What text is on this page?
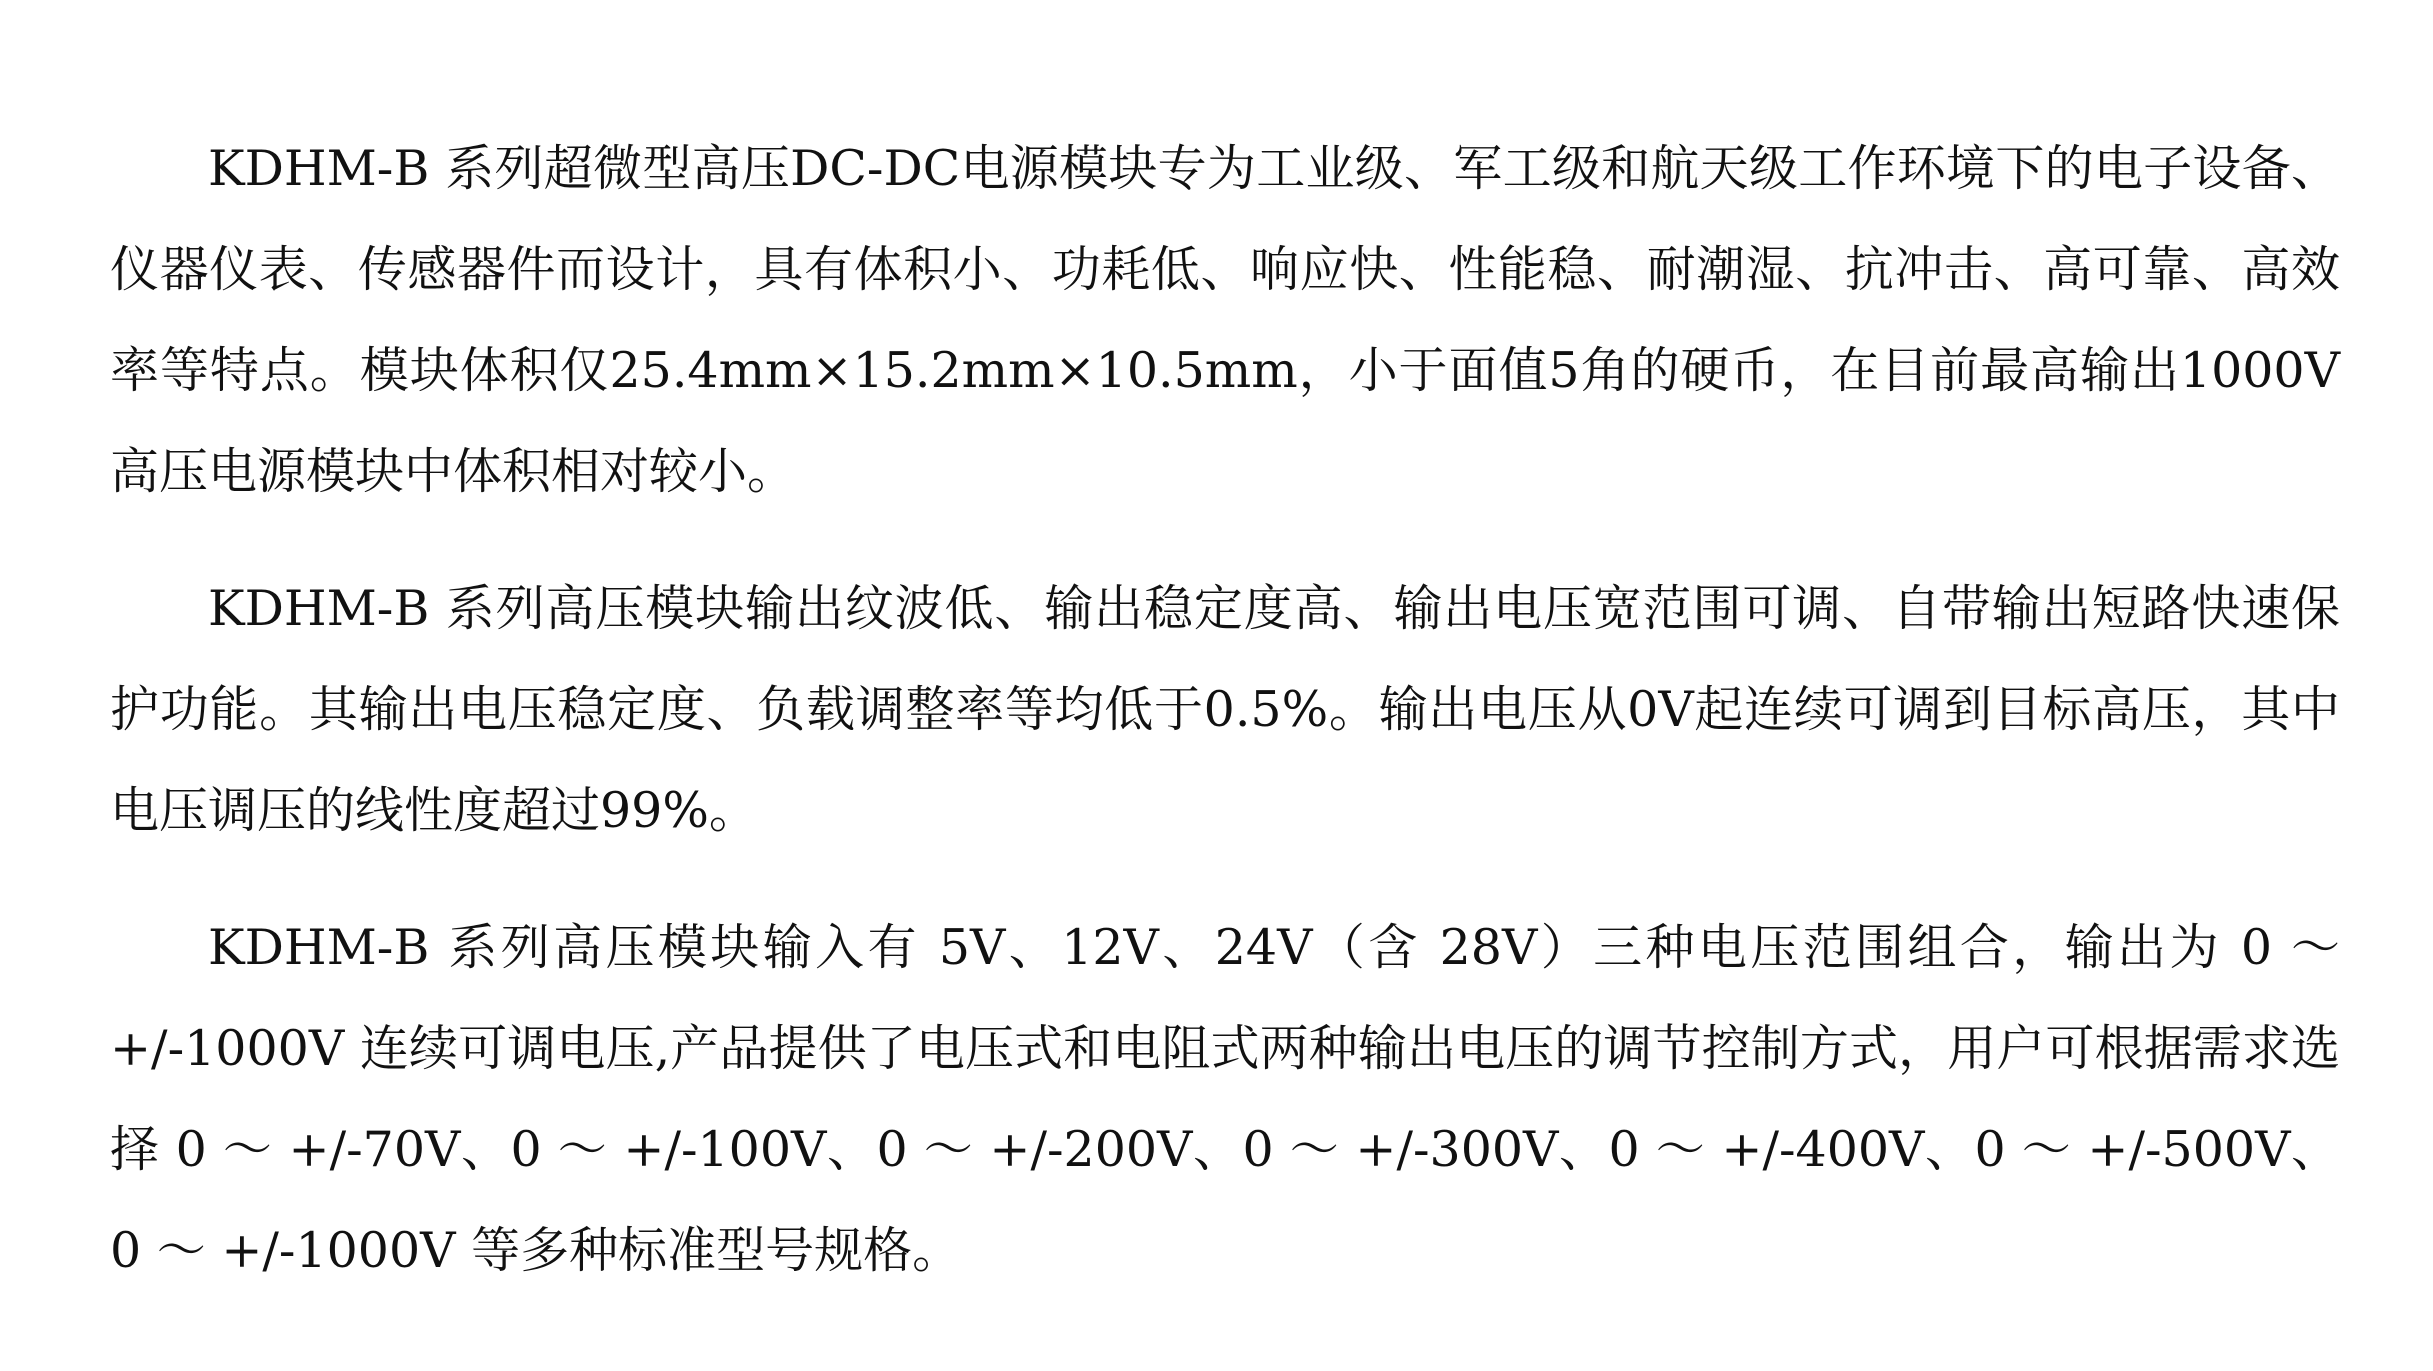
KDHM-B 系列超微型高压DC-DC电源模块专为工业级、军工级和航天级工作环境下的电子设备、仪器仪表、传感器件而设计，具有体积小、功耗低、响应快、性能稳、耐潮湿、抗冲击、高可靠、高效率等特点。模块体积仅25.4mm×15.2mm×10.5mm，小于面值5角的硬币，在目前最高输出1000V高压电源模块中体积相对较小。

KDHM-B 系列高压模块输出纹波低、输出稳定度高、输出电压宽范围可调、自带输出短路快速保护功能。其输出电压稳定度、负载调整率等均低于0.5%。输出电压从0V起连续可调到目标高压，其中电压调压的线性度超过99%。

KDHM-B 系列高压模块输入有 5V、12V、24V（含 28V）三种电压范围组合，输出为 0 ～ +/-1000V 连续可调电压,产品提供了电压式和电阻式两种输出电压的调节控制方式，用户可根据需求选择 0 ～ +/-70V、0 ～ +/-100V、0 ～ +/-200V、0 ～ +/-300V、0 ～ +/-400V、0 ～ +/-500V、0 ～ +/-1000V 等多种标准型号规格。
